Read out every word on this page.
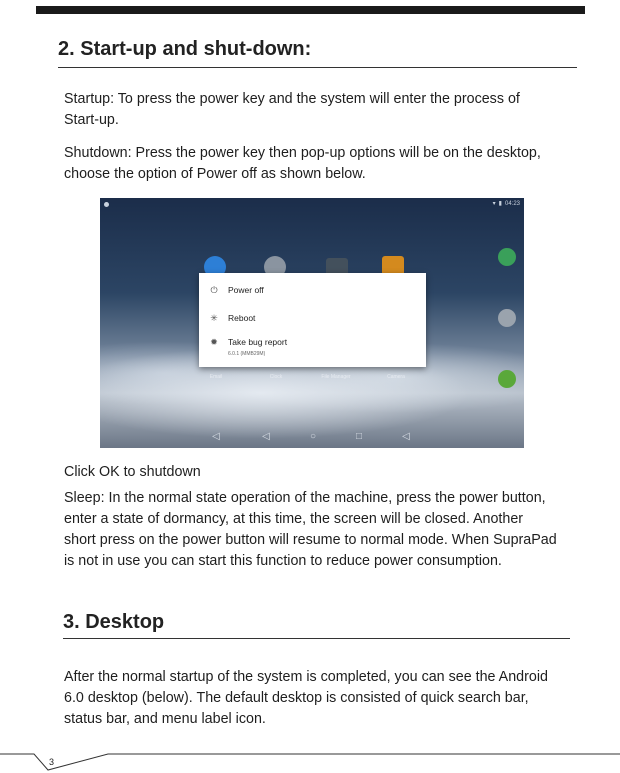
2. Start-up and shut-down:

Startup: To press the power key and the system will enter the process of

Start-up.

Shutdown: Press the power key then pop-up options will be on the desktop,

choose the option of Power off as shown below.

▾ ▮ 04:23
Email	Clock	File Manager	Camera
⏻	Power off
✳	Reboot
✹	Take bug report
6.0.1 (MMB29M)
◁	◁	○	□	◁
Click OK to shutdown

Sleep: In the normal state operation of the machine, press the power button,

enter a state of dormancy, at this time, the screen will be closed. Another

short press on the power button will resume to normal mode. When SupraPad

is not in use you can start this function to reduce power consumption.

3. Desktop

After the normal startup of the system is completed, you can see the Android

6.0 desktop (below). The default desktop is consisted of quick search bar,

status bar, and menu label icon.

3
